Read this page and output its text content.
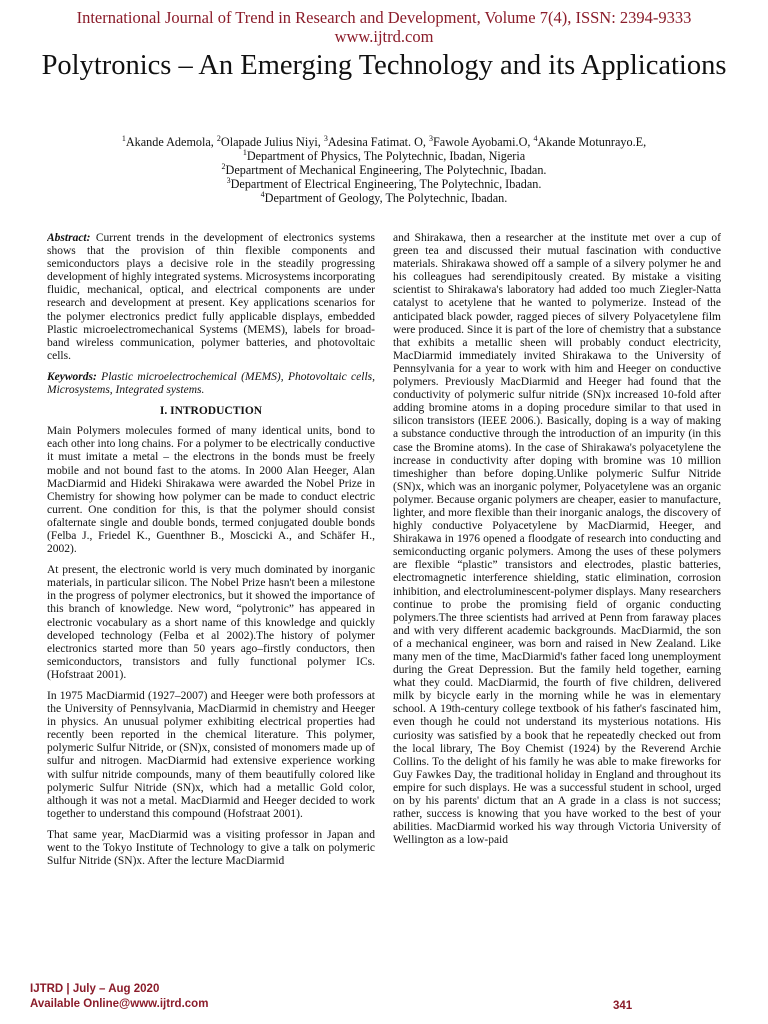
International Journal of Trend in Research and Development, Volume 7(4), ISSN: 2394-9333
www.ijtrd.com
Polytronics – An Emerging Technology and its Applications
$^1$Akande Ademola, $^2$Olapade Julius Niyi, $^3$Adesina Fatimat. O, $^3$Fawole Ayobami.O, $^4$Akande Motunrayo.E,
$^1$Department of Physics, The Polytechnic, Ibadan, Nigeria
$^2$Department of Mechanical Engineering, The Polytechnic, Ibadan.
$^3$Department of Electrical Engineering, The Polytechnic, Ibadan.
$^4$Department of Geology, The Polytechnic, Ibadan.

Abstract: Current trends in the development of electronics systems shows that the provision of thin flexible components and semiconductors plays a decisive role in the steadily progressing development of highly integrated systems. Microsystems incorporating fluidic, mechanical, optical, and electrical components are under research and development at present. Key applications scenarios for the polymer electronics predict fully applicable displays, embedded Plastic microelectromechanical Systems (MEMS), labels for broad-band wireless communication, polymer batteries, and photovoltaic cells.

Keywords: Plastic microelectrochemical (MEMS), Photovoltaic cells, Microsystems, Integrated systems.

I. INTRODUCTION

Main Polymers molecules formed of many identical units, bond to each other into long chains. For a polymer to be electrically conductive it must imitate a metal – the electrons in the bonds must be freely mobile and not bound fast to the atoms. In 2000 Alan Heeger, Alan MacDiarmid and Hideki Shirakawa were awarded the Nobel Prize in Chemistry for showing how polymer can be made to conduct electric current. One condition for this, is that the polymer should consist ofalternate single and double bonds, termed conjugated double bonds (Felba J., Friedel K., Guenthner B., Moscicki A., and Schäfer H., 2002).

At present, the electronic world is very much dominated by inorganic materials, in particular silicon. The Nobel Prize hasn't been a milestone in the progress of polymer electronics, but it showed the importance of this branch of knowledge. New word, “polytronic” has appeared in electronic vocabulary as a short name of this knowledge and quickly developed technology (Felba et al 2002).The history of polymer electronics started more than 50 years ago–firstly conductors, then semiconductors, transistors and fully functional polymer ICs. (Hofstraat 2001).

In 1975 MacDiarmid (1927–2007) and Heeger were both professors at the University of Pennsylvania, MacDiarmid in chemistry and Heeger in physics. An unusual polymer exhibiting electrical properties had recently been reported in the chemical literature. This polymer, polymeric Sulfur Nitride, or (SN)x, consisted of monomers made up of sulfur and nitrogen. MacDiarmid had extensive experience working with sulfur nitride compounds, many of them beautifully colored like polymeric Sulfur Nitride (SN)x, which had a metallic Gold color, although it was not a metal. MacDiarmid and Heeger decided to work together to understand this compound (Hofstraat 2001).

That same year, MacDiarmid was a visiting professor in Japan and went to the Tokyo Institute of Technology to give a talk on polymeric Sulfur Nitride (SN)x. After the lecture MacDiarmid

and Shirakawa, then a researcher at the institute met over a cup of green tea and discussed their mutual fascination with conductive materials. Shirakawa showed off a sample of a silvery polymer he and his colleagues had serendipitously created. By mistake a visiting scientist to Shirakawa's laboratory had added too much Ziegler-Natta catalyst to acetylene that he wanted to polymerize. Instead of the anticipated black powder, ragged pieces of silvery Polyacetylene film were produced. Since it is part of the lore of chemistry that a substance that exhibits a metallic sheen will probably conduct electricity, MacDiarmid immediately invited Shirakawa to the University of Pennsylvania for a year to work with him and Heeger on conductive polymers. Previously MacDiarmid and Heeger had found that the conductivity of polymeric sulfur nitride (SN)x increased 10-fold after adding bromine atoms in a doping procedure similar to that used in silicon transistors (IEEE 2006.). Basically, doping is a way of making a substance conductive through the introduction of an impurity (in this case the Bromine atoms). In the case of Shirakawa's polyacetylene the increase in conductivity after doping with bromine was 10 million timeshigher than before doping.Unlike polymeric Sulfur Nitride (SN)x, which was an inorganic polymer, Polyacetylene was an organic polymer. Because organic polymers are cheaper, easier to manufacture, lighter, and more flexible than their inorganic analogs, the discovery of highly conductive Polyacetylene by MacDiarmid, Heeger, and Shirakawa in 1976 opened a floodgate of research into conducting and semiconducting organic polymers. Among the uses of these polymers are flexible “plastic” transistors and electrodes, plastic batteries, electromagnetic interference shielding, static elimination, corrosion inhibition, and electroluminescent-polymer displays. Many researchers continue to probe the promising field of organic conducting polymers.The three scientists had arrived at Penn from faraway places and with very different academic backgrounds. MacDiarmid, the son of a mechanical engineer, was born and raised in New Zealand. Like many men of the time, MacDiarmid's father faced long unemployment during the Great Depression. But the family held together, earning what they could. MacDiarmid, the fourth of five children, delivered milk by bicycle early in the morning while he was in elementary school. A 19th-century college textbook of his father's fascinated him, even though he could not understand its mysterious notations. His curiosity was satisfied by a book that he repeatedly checked out from the local library, The Boy Chemist (1924) by the Reverend Archie Collins. To the delight of his family he was able to make fireworks for Guy Fawkes Day, the traditional holiday in England and throughout its empire for such displays. He was a successful student in school, urged on by his parents' dictum that an A grade in a class is not success; rather, success is knowing that you have worked to the best of your abilities. MacDiarmid worked his way through Victoria University of Wellington as a low-paid

IJTRD | July – Aug 2020
Available Online@www.ijtrd.com	341
